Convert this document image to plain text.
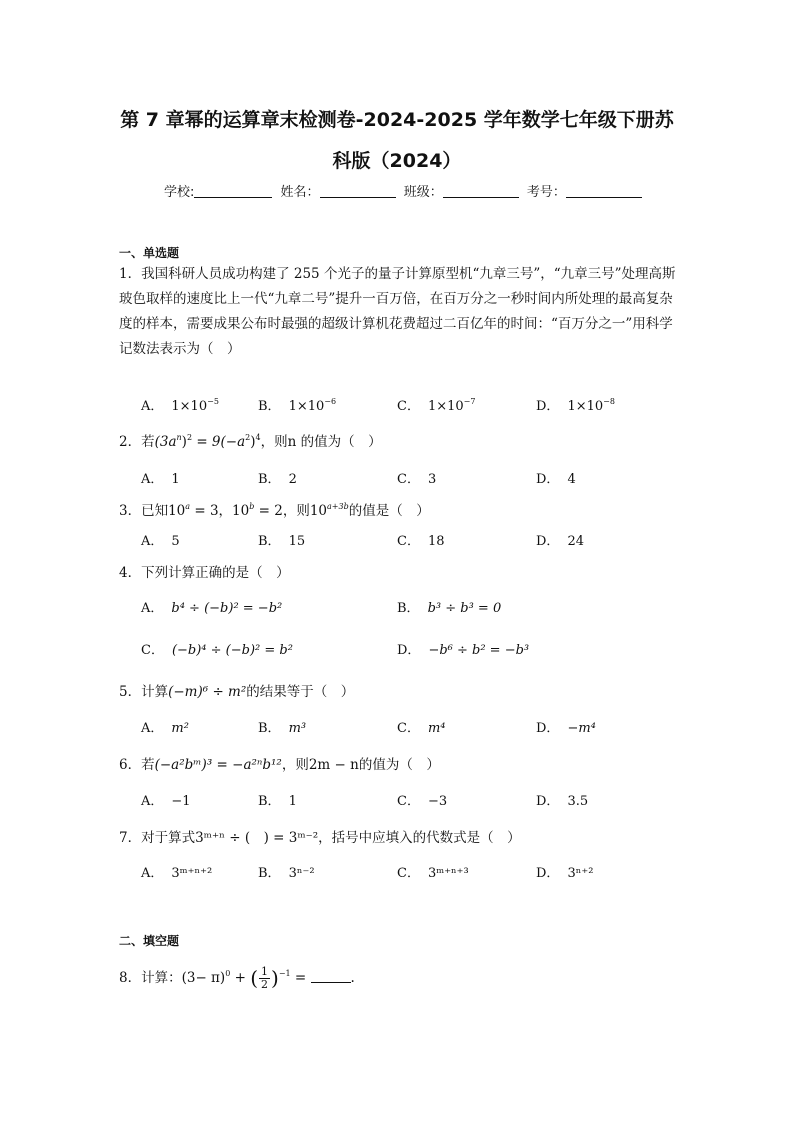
第 7 章幂的运算章末检测卷-2024-2025 学年数学七年级下册苏
科版（2024）
学校:	姓名：	班级：	考号：
一、单选题
1．我国科研人员成功构建了 255 个光子的量子计算原型机“九章三号”，“九章三号”处理高斯玻色取样的速度比上一代“九章二号”提升一百万倍，在百万分之一秒时间内所处理的最高复杂度的样本，需要成果公布时最强的超级计算机花费超过二百亿年的时间：“百万分之一”用科学记数法表示为（　）
A． $1\times 10^{-5}$	B． $1\times 10^{-6}$	C． $1\times 10^{-7}$	D． $1\times 10^{-8}$
2．若$(3a^n)^2 = 9(-a^2)^4$，则n 的值为（　）
A． 1	B． 2	C． 3	D． 4
3．已知$10^a = 3$，$10^b = 2$，则$10^{a+3b}$的值是（　）
A． 5	B． 15	C． 18	D． 24
4．下列计算正确的是（　）
A． b⁴ ÷ (−b)² = −b²	B． b³ ÷ b³ = 0
C． (−b)⁴ ÷ (−b)² = b²	D． −b⁶ ÷ b² = −b³
5．计算(−m)⁶ ÷ m²的结果等于（　）
A． m²	B． m³	C． m⁴	D． −m⁴
6．若(−a²bᵐ)³ = −a²ⁿb¹²，则2m − n的值为（　）
A． −1	B． 1	C． −3	D． 3.5
7．对于算式3ᵐ⁺ⁿ ÷ (　) = 3ᵐ⁻²，括号中应填入的代数式是（　）
A． 3ᵐ⁺ⁿ⁺²	B． 3ⁿ⁻²	C． 3ᵐ⁺ⁿ⁺³	D． 3ⁿ⁺²
二、填空题
8．计算：$(3- \pi)^0$ + ( $\frac{1}{2} )^{-1}$ =	.
